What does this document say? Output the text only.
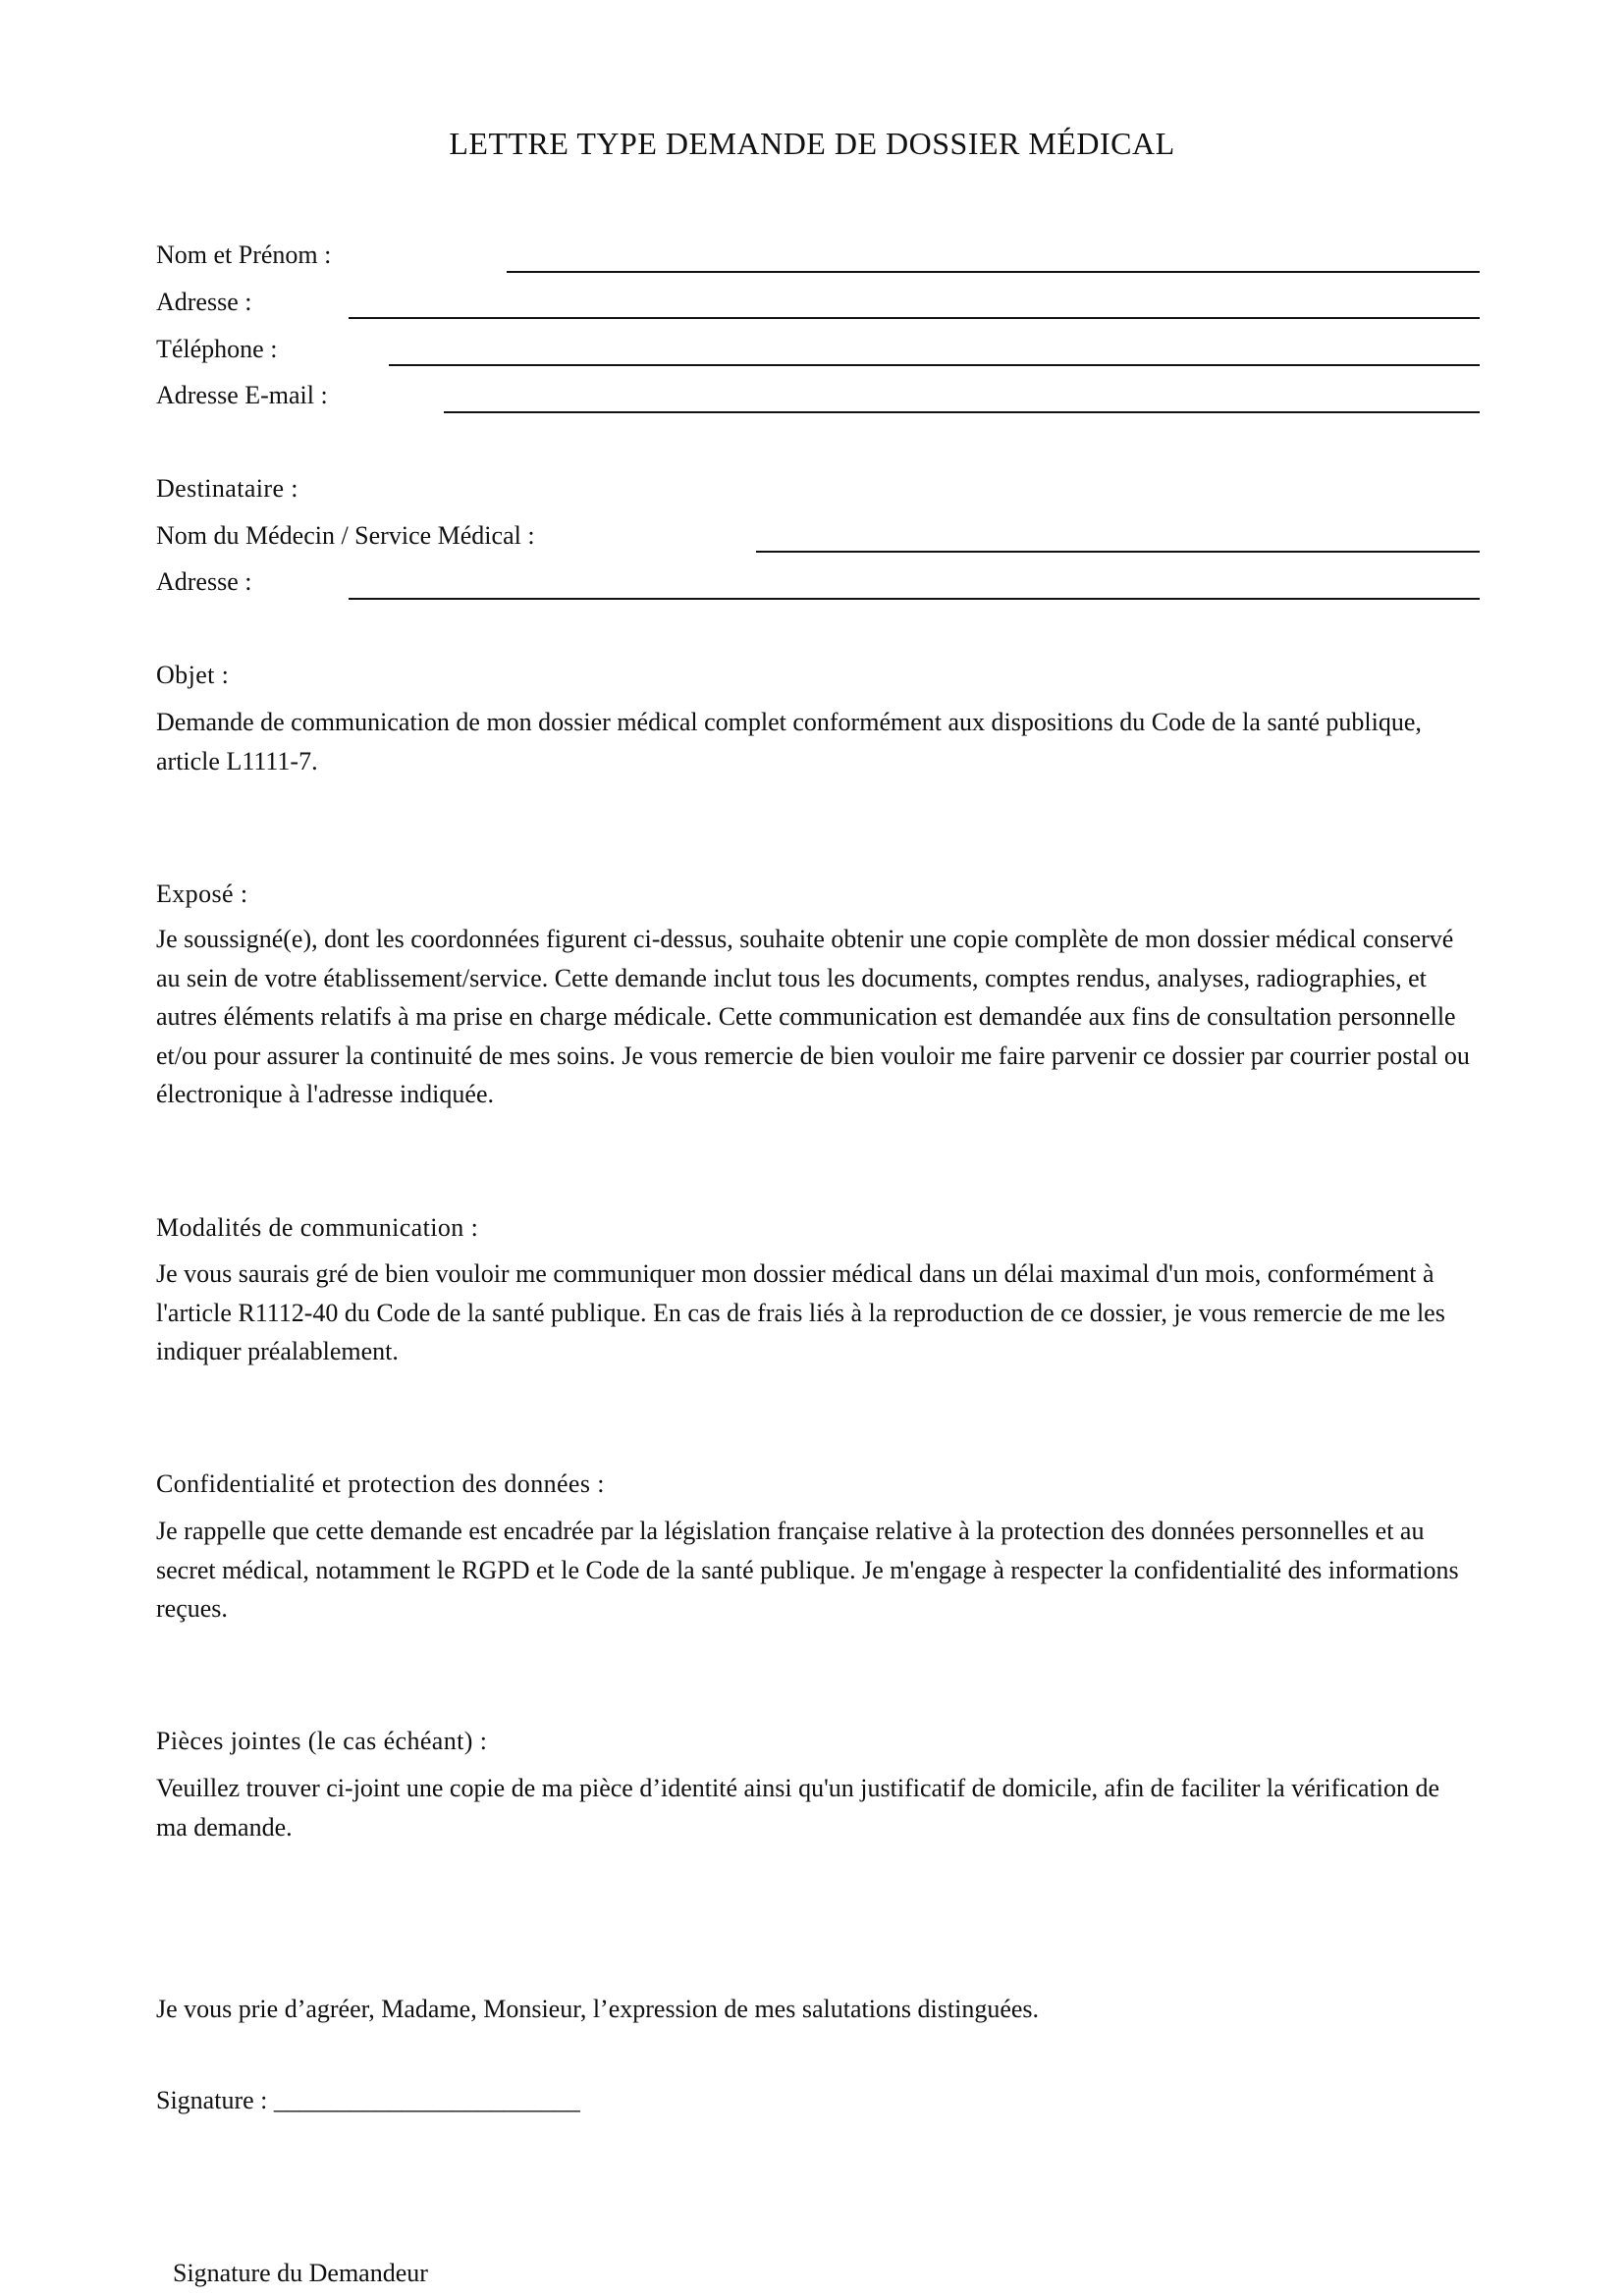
LETTRE TYPE DEMANDE DE DOSSIER MÉDICAL
Nom et Prénom :
Adresse :
Téléphone :
Adresse E-mail :
Destinataire :
Nom du Médecin / Service Médical :
Adresse :
Objet :
Demande de communication de mon dossier médical complet conformément aux dispositions du Code de la santé publique, article L1111-7.
Exposé :
Je soussigné(e), dont les coordonnées figurent ci-dessus, souhaite obtenir une copie complète de mon dossier médical conservé au sein de votre établissement/service. Cette demande inclut tous les documents, comptes rendus, analyses, radiographies, et autres éléments relatifs à ma prise en charge médicale. Cette communication est demandée aux fins de consultation personnelle et/ou pour assurer la continuité de mes soins. Je vous remercie de bien vouloir me faire parvenir ce dossier par courrier postal ou électronique à l'adresse indiquée.
Modalités de communication :
Je vous saurais gré de bien vouloir me communiquer mon dossier médical dans un délai maximal d'un mois, conformément à l'article R1112-40 du Code de la santé publique. En cas de frais liés à la reproduction de ce dossier, je vous remercie de me les indiquer préalablement.
Confidentialité et protection des données :
Je rappelle que cette demande est encadrée par la législation française relative à la protection des données personnelles et au secret médical, notamment le RGPD et le Code de la santé publique. Je m'engage à respecter la confidentialité des informations reçues.
Pièces jointes (le cas échéant) :
Veuillez trouver ci-joint une copie de ma pièce d’identité ainsi qu'un justificatif de domicile, afin de faciliter la vérification de ma demande.
Je vous prie d’agréer, Madame, Monsieur, l’expression de mes salutations distinguées.
Signature : ________________________
Signature du Demandeur
